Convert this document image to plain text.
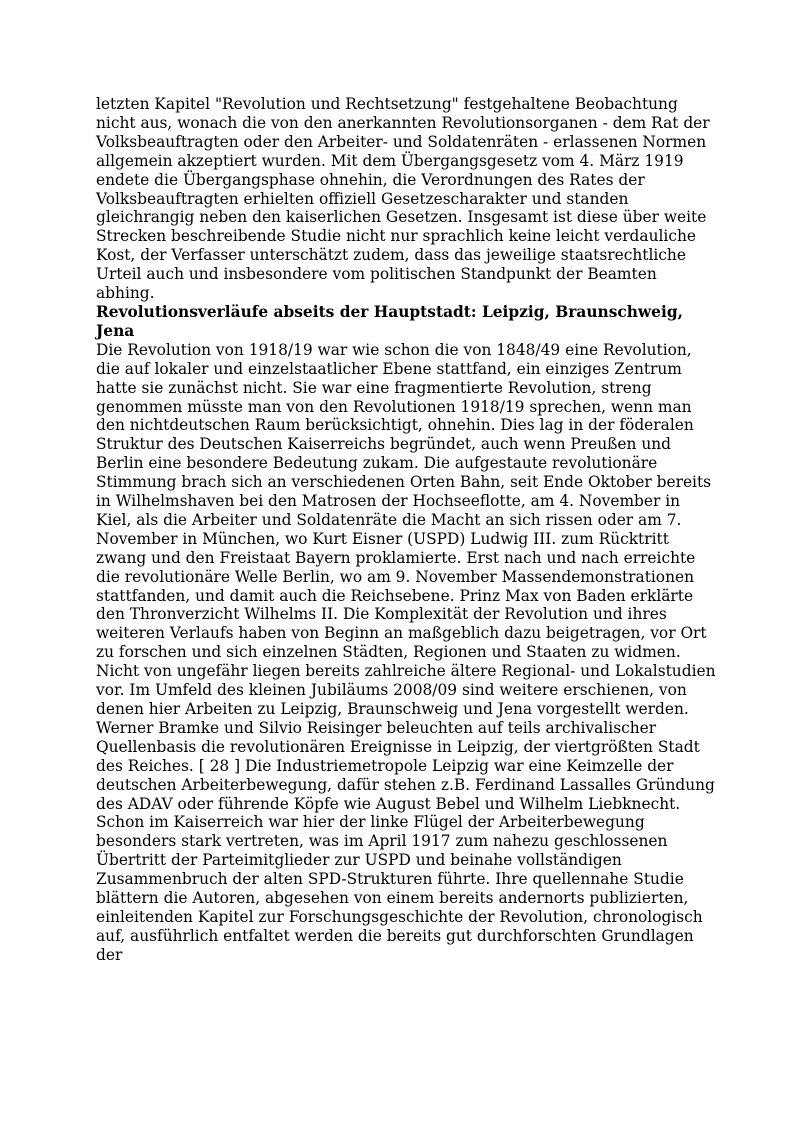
letzten Kapitel "Revolution und Rechtsetzung" festgehaltene Beobachtung nicht aus, wonach die von den anerkannten Revolutionsorganen - dem Rat der Volksbeauftragten oder den Arbeiter- und Soldatenräten - erlassenen Normen allgemein akzeptiert wurden. Mit dem Übergangsgesetz vom 4. März 1919 endete die Übergangsphase ohnehin, die Verordnungen des Rates der Volksbeauftragten erhielten offiziell Gesetzescharakter und standen gleichrangig neben den kaiserlichen Gesetzen. Insgesamt ist diese über weite Strecken beschreibende Studie nicht nur sprachlich keine leicht verdauliche Kost, der Verfasser unterschätzt zudem, dass das jeweilige staatsrechtliche Urteil auch und insbesondere vom politischen Standpunkt der Beamten abhing.

Revolutionsverläufe abseits der Hauptstadt: Leipzig, Braunschweig, Jena

Die Revolution von 1918/19 war wie schon die von 1848/49 eine Revolution, die auf lokaler und einzelstaatlicher Ebene stattfand, ein einziges Zentrum hatte sie zunächst nicht. Sie war eine fragmentierte Revolution, streng genommen müsste man von den Revolutionen 1918/19 sprechen, wenn man den nichtdeutschen Raum berücksichtigt, ohnehin. Dies lag in der föderalen Struktur des Deutschen Kaiserreichs begründet, auch wenn Preußen und Berlin eine besondere Bedeutung zukam. Die aufgestaute revolutionäre Stimmung brach sich an verschiedenen Orten Bahn, seit Ende Oktober bereits in Wilhelmshaven bei den Matrosen der Hochseeflotte, am 4. November in Kiel, als die Arbeiter und Soldatenräte die Macht an sich rissen oder am 7. November in München, wo Kurt Eisner (USPD) Ludwig III. zum Rücktritt zwang und den Freistaat Bayern proklamierte. Erst nach und nach erreichte die revolutionäre Welle Berlin, wo am 9. November Massendemonstrationen stattfanden, und damit auch die Reichsebene. Prinz Max von Baden erklärte den Thronverzicht Wilhelms II. Die Komplexität der Revolution und ihres weiteren Verlaufs haben von Beginn an maßgeblich dazu beigetragen, vor Ort zu forschen und sich einzelnen Städten, Regionen und Staaten zu widmen. Nicht von ungefähr liegen bereits zahlreiche ältere Regional- und Lokalstudien vor. Im Umfeld des kleinen Jubiläums 2008/09 sind weitere erschienen, von denen hier Arbeiten zu Leipzig, Braunschweig und Jena vorgestellt werden.

Werner Bramke und Silvio Reisinger beleuchten auf teils archivalischer Quellenbasis die revolutionären Ereignisse in Leipzig, der viertgrößten Stadt des Reiches. [ 28 ] Die Industriemetropole Leipzig war eine Keimzelle der deutschen Arbeiterbewegung, dafür stehen z.B. Ferdinand Lassalles Gründung des ADAV oder führende Köpfe wie August Bebel und Wilhelm Liebknecht. Schon im Kaiserreich war hier der linke Flügel der Arbeiterbewegung besonders stark vertreten, was im April 1917 zum nahezu geschlossenen Übertritt der Parteimitglieder zur USPD und beinahe vollständigen Zusammenbruch der alten SPD-Strukturen führte. Ihre quellennahe Studie blättern die Autoren, abgesehen von einem bereits andernorts publizierten, einleitenden Kapitel zur Forschungsgeschichte der Revolution, chronologisch auf, ausführlich entfaltet werden die bereits gut durchforschten Grundlagen der
